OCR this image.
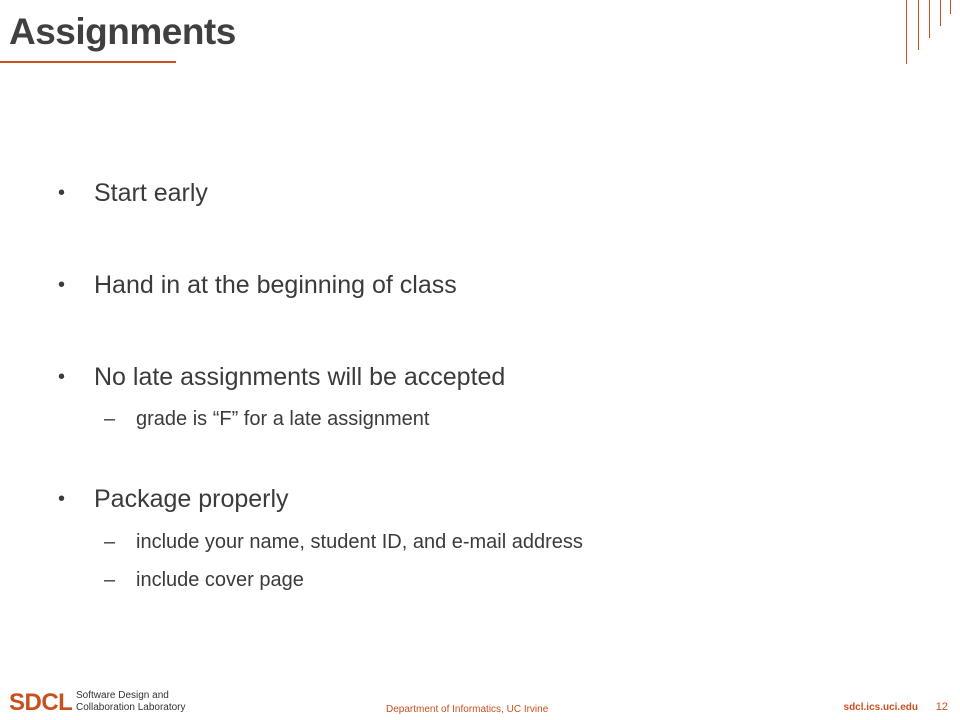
Assignments
• Start early
• Hand in at the beginning of class
• No late assignments will be accepted
– grade is “F” for a late assignment
• Package properly
– include your name, student ID, and e-mail address
– include cover page
SDCL Software Design and
Collaboration Laboratory	Department of Informatics, UC Irvine	sdcl.ics.uci.edu 12
